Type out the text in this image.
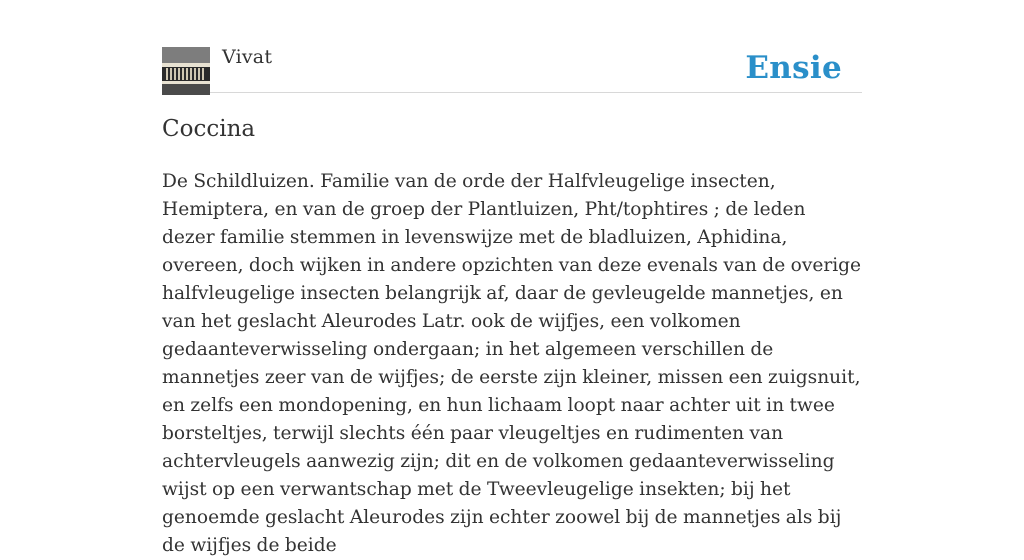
Vivat	Ensie
Coccina

De Schildluizen. Familie van de orde der Halfvleugelige insecten, Hemiptera, en van de groep der Plantluizen, Pht/tophtires ; de leden dezer familie stemmen in levenswijze met de bladluizen, Aphidina, overeen, doch wijken in andere opzichten van deze evenals van de overige halfvleugelige insecten belangrijk af, daar de gevleugelde mannetjes, en van het geslacht Aleurodes Latr. ook de wijfjes, een volkomen gedaanteverwisseling ondergaan; in het algemeen verschillen de mannetjes zeer van de wijfjes; de eerste zijn kleiner, missen een zuigsnuit, en zelfs een mondopening, en hun lichaam loopt naar achter uit in twee borsteltjes, terwijl slechts één paar vleugeltjes en rudimenten van achtervleugels aanwezig zijn; dit en de volkomen gedaanteverwisseling wijst op een verwantschap met de Tweevleugelige insekten; bij het genoemde geslacht Aleurodes zijn echter zoowel bij de mannetjes als bij de wijfjes de beide
